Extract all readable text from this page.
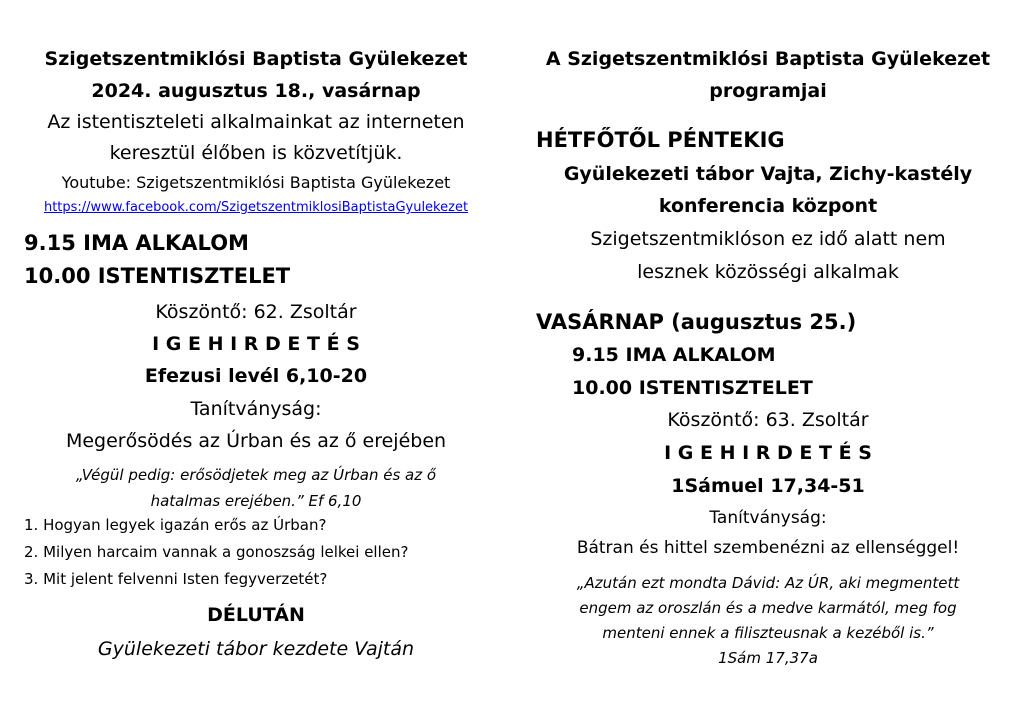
Szigetszentmiklósi Baptista Gyülekezet
2024. augusztus 18., vasárnap
Az istentiszteleti alkalmainkat az interneten
keresztül élőben is közvetítjük.
Youtube: Szigetszentmiklósi Baptista Gyülekezet
https://www.facebook.com/SzigetszentmiklosiBaptistaGyulekezet
9.15 IMA ALKALOM
10.00 ISTENTISZTELET
Köszöntő: 62. Zsoltár
I G E H I R D E T É S
Efezusi levél 6,10-20
Tanítványság:
Megerősödés az Úrban és az ő erejében
„Végül pedig: erősödjetek meg az Úrban és az ő
hatalmas erejében.” Ef 6,10
1. Hogyan legyek igazán erős az Úrban?
2. Milyen harcaim vannak a gonoszság lelkei ellen?
3. Mit jelent felvenni Isten fegyverzetét?
DÉLUTÁN
Gyülekezeti tábor kezdete Vajtán
A Szigetszentmiklósi Baptista Gyülekezet
programjai
HÉTFŐTŐL PÉNTEKIG
Gyülekezeti tábor Vajta, Zichy-kastély
konferencia központ
Szigetszentmiklóson ez idő alatt nem
lesznek közösségi alkalmak
VASÁRNAP (augusztus 25.)
9.15 IMA ALKALOM
10.00 ISTENTISZTELET
Köszöntő: 63. Zsoltár
I G E H I R D E T É S
1Sámuel 17,34-51
Tanítványság:
Bátran és hittel szembenézni az ellenséggel!
„Azután ezt mondta Dávid: Az ÚR, aki megmentett
engem az oroszlán és a medve karmától, meg fog
menteni ennek a filiszteusnak a kezéből is.”
1Sám 17,37a
